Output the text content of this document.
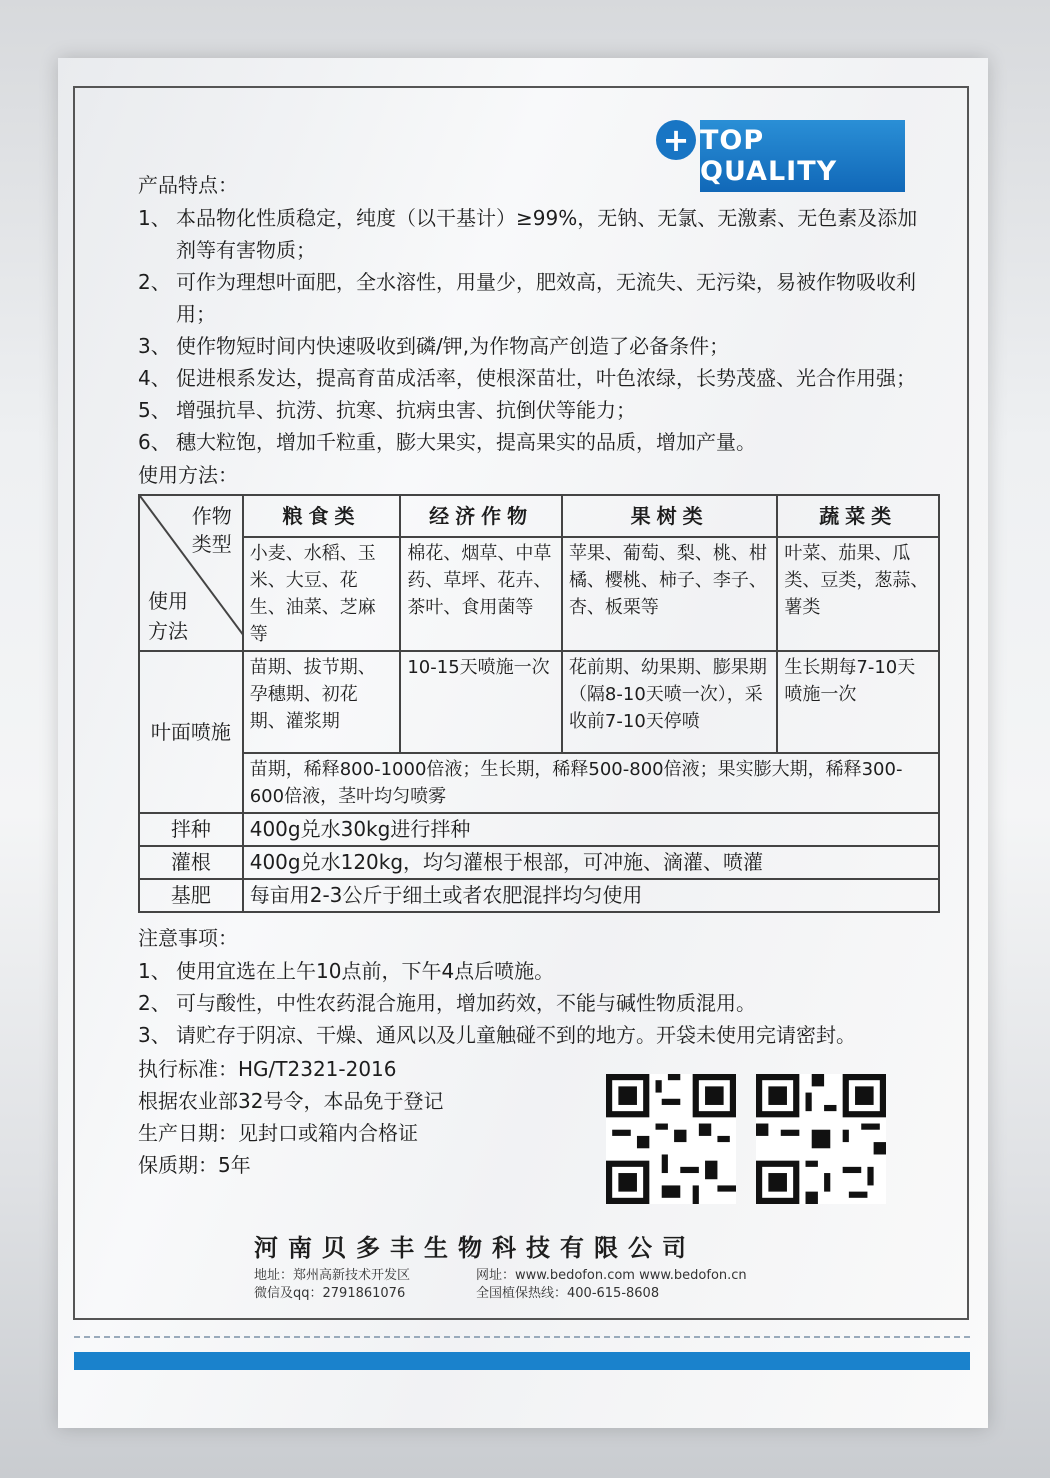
+ TOP QUALITY

产品特点：

1、 本品物化性质稳定，纯度（以干基计）≥99%，无钠、无氯、无激素、无色素及添加剂等有害物质；
2、 可作为理想叶面肥，全水溶性，用量少，肥效高，无流失、无污染，易被作物吸收利用；
3、 使作物短时间内快速吸收到磷/钾,为作物高产创造了必备条件；
4、 促进根系发达，提高育苗成活率，使根深苗壮，叶色浓绿，长势茂盛、光合作用强；
5、 增强抗旱、抗涝、抗寒、抗病虫害、抗倒伏等能力；
6、 穗大粒饱，增加千粒重，膨大果实，提高果实的品质，增加产量。

使用方法：

作物
类型
使用
方法	粮食类	经济作物	果树类	蔬菜类
	小麦、水稻、玉米、大豆、花生、油菜、芝麻等	棉花、烟草、中草药、草坪、花卉、茶叶、食用菌等	苹果、葡萄、梨、桃、柑橘、樱桃、柿子、李子、杏、板栗等	叶菜、茄果、瓜类、豆类，葱蒜、薯类
叶面喷施	苗期、拔节期、孕穗期、初花期、灌浆期	10-15天喷施一次	花前期、幼果期、膨果期（隔8-10天喷一次），采收前7-10天停喷	生长期每7-10天喷施一次
	苗期，稀释800-1000倍液；生长期，稀释500-800倍液；果实膨大期，稀释300-600倍液，茎叶均匀喷雾			
拌种	400g兑水30kg进行拌种			
灌根	400g兑水120kg，均匀灌根于根部，可冲施、滴灌、喷灌			
基肥	每亩用2-3公斤于细土或者农肥混拌均匀使用			

注意事项：

1、 使用宜选在上午10点前，下午4点后喷施。
2、 可与酸性，中性农药混合施用，增加药效，不能与碱性物质混用。
3、 请贮存于阴凉、干燥、通风以及儿童触碰不到的地方。开袋未使用完请密封。

执行标准：HG/T2321-2016

根据农业部32号令，本品免于登记

生产日期：见封口或箱内合格证

保质期：5年

河南贝多丰生物科技有限公司
地址：郑州高新技术开发区
微信及qq：2791861076
网址：www.bedofon.com www.bedofon.cn
全国植保热线：400-615-8608
